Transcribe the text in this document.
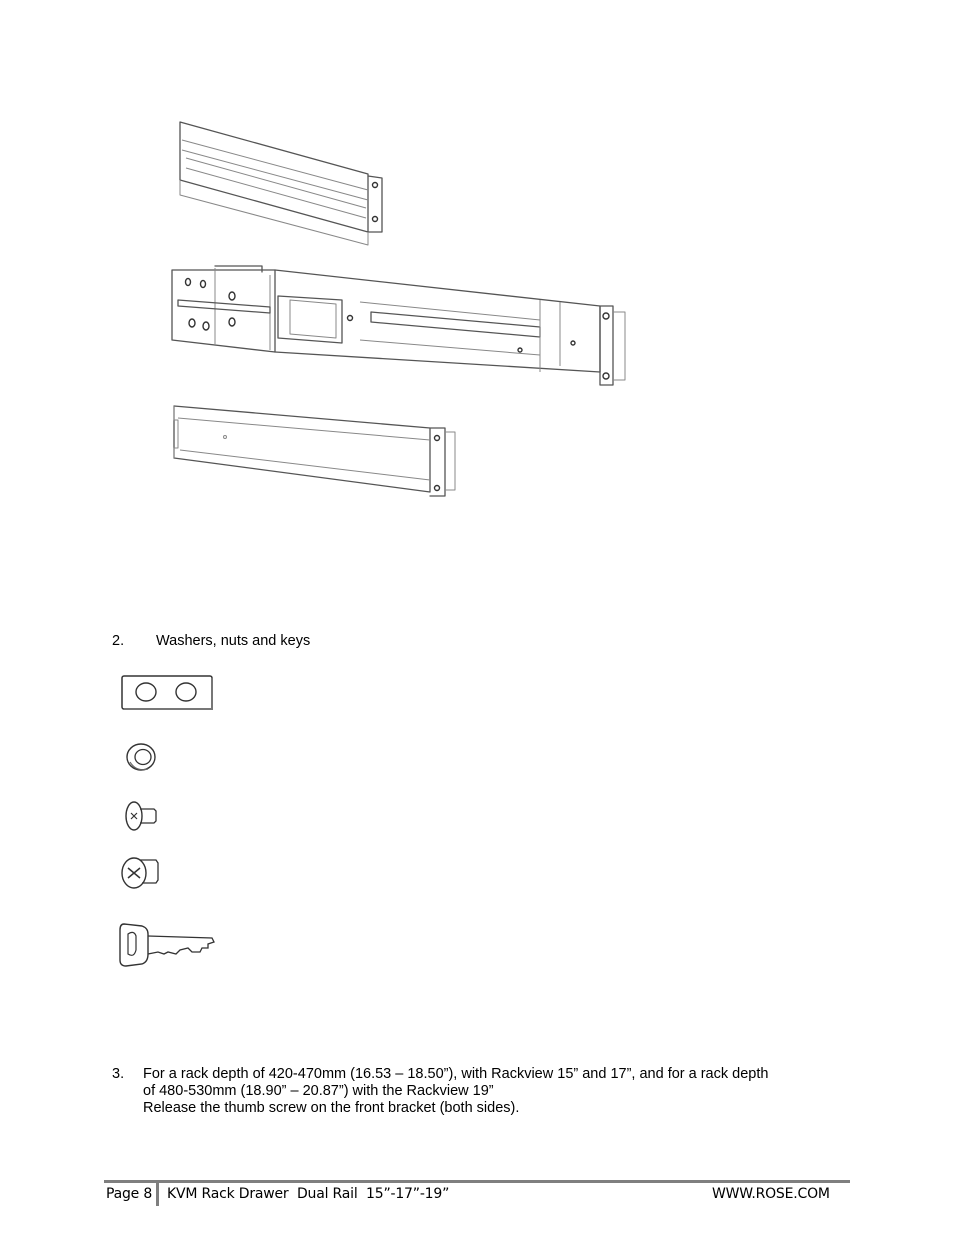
2. Washers, nuts and keys
3. For a rack depth of 420-470mm (16.53 – 18.50”), with Rackview 15” and 17”, and for a rack depth
of 480-530mm (18.90” – 20.87”) with the Rackview 19”
Release the thumb screw on the front bracket (both sides).
Page 8 KVM Rack Drawer  Dual Rail  15”-17”-19”	WWW.ROSE.COM
